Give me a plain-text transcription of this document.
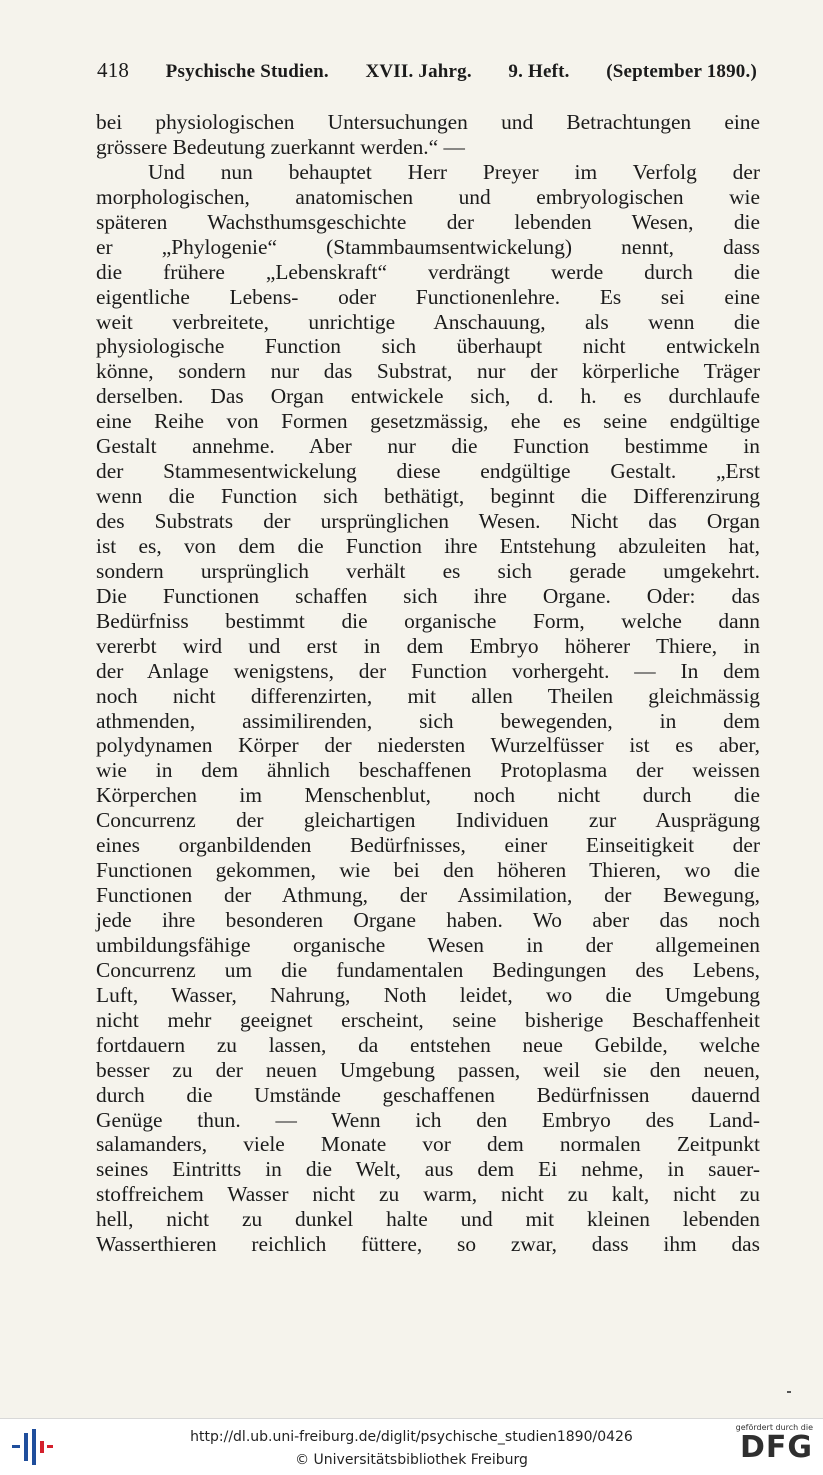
418 Psychische Studien. XVII. Jahrg. 9. Heft. (September 1890.)
bei physiologischen Untersuchungen und Betrachtungen eine
grössere Bedeutung zuerkannt werden.“ —
Und nun behauptet Herr Preyer im Verfolg der
morphologischen, anatomischen und embryologischen wie
späteren Wachsthumsgeschichte der lebenden Wesen, die
er „Phylogenie“ (Stammbaumsentwickelung) nennt, dass
die frühere „Lebenskraft“ verdrängt werde durch die
eigentliche Lebens- oder Functionenlehre. Es sei eine
weit verbreitete, unrichtige Anschauung, als wenn die
physiologische Function sich überhaupt nicht entwickeln
könne, sondern nur das Substrat, nur der körperliche Träger
derselben. Das Organ entwickele sich, d. h. es durchlaufe
eine Reihe von Formen gesetzmässig, ehe es seine endgültige
Gestalt annehme. Aber nur die Function bestimme in
der Stammesentwickelung diese endgültige Gestalt. „Erst
wenn die Function sich bethätigt, beginnt die Differenzirung
des Substrats der ursprünglichen Wesen. Nicht das Organ
ist es, von dem die Function ihre Entstehung abzuleiten hat,
sondern ursprünglich verhält es sich gerade umgekehrt.
Die Functionen schaffen sich ihre Organe. Oder: das
Bedürfniss bestimmt die organische Form, welche dann
vererbt wird und erst in dem Embryo höherer Thiere, in
der Anlage wenigstens, der Function vorhergeht. — In dem
noch nicht differenzirten, mit allen Theilen gleichmässig
athmenden, assimilirenden, sich bewegenden, in dem
polydynamen Körper der niedersten Wurzelfüsser ist es aber,
wie in dem ähnlich beschaffenen Protoplasma der weissen
Körperchen im Menschenblut, noch nicht durch die
Concurrenz der gleichartigen Individuen zur Ausprägung
eines organbildenden Bedürfnisses, einer Einseitigkeit der
Functionen gekommen, wie bei den höheren Thieren, wo die
Functionen der Athmung, der Assimilation, der Bewegung,
jede ihre besonderen Organe haben. Wo aber das noch
umbildungsfähige organische Wesen in der allgemeinen
Concurrenz um die fundamentalen Bedingungen des Lebens,
Luft, Wasser, Nahrung, Noth leidet, wo die Umgebung
nicht mehr geeignet erscheint, seine bisherige Beschaffenheit
fortdauern zu lassen, da entstehen neue Gebilde, welche
besser zu der neuen Umgebung passen, weil sie den neuen,
durch die Umstände geschaffenen Bedürfnissen dauernd
Genüge thun. — Wenn ich den Embryo des Land-
salamanders, viele Monate vor dem normalen Zeitpunkt
seines Eintritts in die Welt, aus dem Ei nehme, in sauer-
stoffreichem Wasser nicht zu warm, nicht zu kalt, nicht zu
hell, nicht zu dunkel halte und mit kleinen lebenden
Wasserthieren reichlich füttere, so zwar, dass ihm das
http://dl.ub.uni-freiburg.de/diglit/psychische_studien1890/0426
© Universitätsbibliothek Freiburg
gefördert durch die
DFG
